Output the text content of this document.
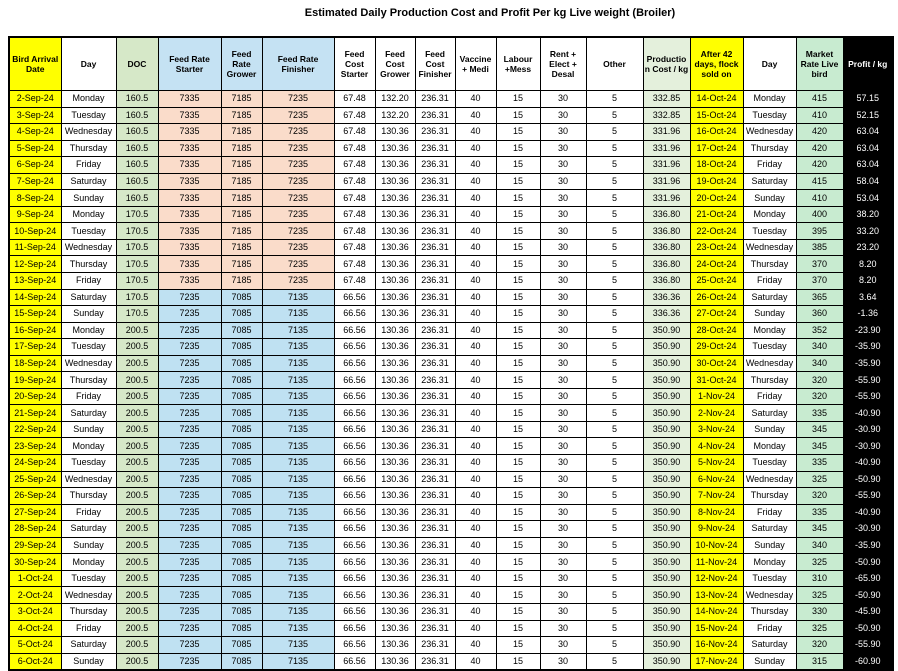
Estimated Daily Production Cost and Profit Per kg Live weight (Broiler)
Bird Arrival Date	Day	DOC	Feed Rate Starter	Feed Rate Grower	Feed Rate Finisher	Feed Cost Starter	Feed Cost Grower	Feed Cost Finisher	Vaccine + Medi	Labour +Mess	Rent + Elect + Desal	Other	Production Cost / kg	After 42 days, flock sold on	Day	Market Rate Live bird	Profit / kg
2-Sep-24	Monday	160.5	7335	7185	7235	67.48	132.20	236.31	40	15	30	5	332.85	14-Oct-24	Monday	415	57.15
3-Sep-24	Tuesday	160.5	7335	7185	7235	67.48	132.20	236.31	40	15	30	5	332.85	15-Oct-24	Tuesday	410	52.15
4-Sep-24	Wednesday	160.5	7335	7185	7235	67.48	130.36	236.31	40	15	30	5	331.96	16-Oct-24	Wednesday	420	63.04
5-Sep-24	Thursday	160.5	7335	7185	7235	67.48	130.36	236.31	40	15	30	5	331.96	17-Oct-24	Thursday	420	63.04
6-Sep-24	Friday	160.5	7335	7185	7235	67.48	130.36	236.31	40	15	30	5	331.96	18-Oct-24	Friday	420	63.04
7-Sep-24	Saturday	160.5	7335	7185	7235	67.48	130.36	236.31	40	15	30	5	331.96	19-Oct-24	Saturday	415	58.04
8-Sep-24	Sunday	160.5	7335	7185	7235	67.48	130.36	236.31	40	15	30	5	331.96	20-Oct-24	Sunday	410	53.04
9-Sep-24	Monday	170.5	7335	7185	7235	67.48	130.36	236.31	40	15	30	5	336.80	21-Oct-24	Monday	400	38.20
10-Sep-24	Tuesday	170.5	7335	7185	7235	67.48	130.36	236.31	40	15	30	5	336.80	22-Oct-24	Tuesday	395	33.20
11-Sep-24	Wednesday	170.5	7335	7185	7235	67.48	130.36	236.31	40	15	30	5	336.80	23-Oct-24	Wednesday	385	23.20
12-Sep-24	Thursday	170.5	7335	7185	7235	67.48	130.36	236.31	40	15	30	5	336.80	24-Oct-24	Thursday	370	8.20
13-Sep-24	Friday	170.5	7335	7185	7235	67.48	130.36	236.31	40	15	30	5	336.80	25-Oct-24	Friday	370	8.20
14-Sep-24	Saturday	170.5	7235	7085	7135	66.56	130.36	236.31	40	15	30	5	336.36	26-Oct-24	Saturday	365	3.64
15-Sep-24	Sunday	170.5	7235	7085	7135	66.56	130.36	236.31	40	15	30	5	336.36	27-Oct-24	Sunday	360	-1.36
16-Sep-24	Monday	200.5	7235	7085	7135	66.56	130.36	236.31	40	15	30	5	350.90	28-Oct-24	Monday	352	-23.90
17-Sep-24	Tuesday	200.5	7235	7085	7135	66.56	130.36	236.31	40	15	30	5	350.90	29-Oct-24	Tuesday	340	-35.90
18-Sep-24	Wednesday	200.5	7235	7085	7135	66.56	130.36	236.31	40	15	30	5	350.90	30-Oct-24	Wednesday	340	-35.90
19-Sep-24	Thursday	200.5	7235	7085	7135	66.56	130.36	236.31	40	15	30	5	350.90	31-Oct-24	Thursday	320	-55.90
20-Sep-24	Friday	200.5	7235	7085	7135	66.56	130.36	236.31	40	15	30	5	350.90	1-Nov-24	Friday	320	-55.90
21-Sep-24	Saturday	200.5	7235	7085	7135	66.56	130.36	236.31	40	15	30	5	350.90	2-Nov-24	Saturday	335	-40.90
22-Sep-24	Sunday	200.5	7235	7085	7135	66.56	130.36	236.31	40	15	30	5	350.90	3-Nov-24	Sunday	345	-30.90
23-Sep-24	Monday	200.5	7235	7085	7135	66.56	130.36	236.31	40	15	30	5	350.90	4-Nov-24	Monday	345	-30.90
24-Sep-24	Tuesday	200.5	7235	7085	7135	66.56	130.36	236.31	40	15	30	5	350.90	5-Nov-24	Tuesday	335	-40.90
25-Sep-24	Wednesday	200.5	7235	7085	7135	66.56	130.36	236.31	40	15	30	5	350.90	6-Nov-24	Wednesday	325	-50.90
26-Sep-24	Thursday	200.5	7235	7085	7135	66.56	130.36	236.31	40	15	30	5	350.90	7-Nov-24	Thursday	320	-55.90
27-Sep-24	Friday	200.5	7235	7085	7135	66.56	130.36	236.31	40	15	30	5	350.90	8-Nov-24	Friday	335	-40.90
28-Sep-24	Saturday	200.5	7235	7085	7135	66.56	130.36	236.31	40	15	30	5	350.90	9-Nov-24	Saturday	345	-30.90
29-Sep-24	Sunday	200.5	7235	7085	7135	66.56	130.36	236.31	40	15	30	5	350.90	10-Nov-24	Sunday	340	-35.90
30-Sep-24	Monday	200.5	7235	7085	7135	66.56	130.36	236.31	40	15	30	5	350.90	11-Nov-24	Monday	325	-50.90
1-Oct-24	Tuesday	200.5	7235	7085	7135	66.56	130.36	236.31	40	15	30	5	350.90	12-Nov-24	Tuesday	310	-65.90
2-Oct-24	Wednesday	200.5	7235	7085	7135	66.56	130.36	236.31	40	15	30	5	350.90	13-Nov-24	Wednesday	325	-50.90
3-Oct-24	Thursday	200.5	7235	7085	7135	66.56	130.36	236.31	40	15	30	5	350.90	14-Nov-24	Thursday	330	-45.90
4-Oct-24	Friday	200.5	7235	7085	7135	66.56	130.36	236.31	40	15	30	5	350.90	15-Nov-24	Friday	325	-50.90
5-Oct-24	Saturday	200.5	7235	7085	7135	66.56	130.36	236.31	40	15	30	5	350.90	16-Nov-24	Saturday	320	-55.90
6-Oct-24	Sunday	200.5	7235	7085	7135	66.56	130.36	236.31	40	15	30	5	350.90	17-Nov-24	Sunday	315	-60.90
